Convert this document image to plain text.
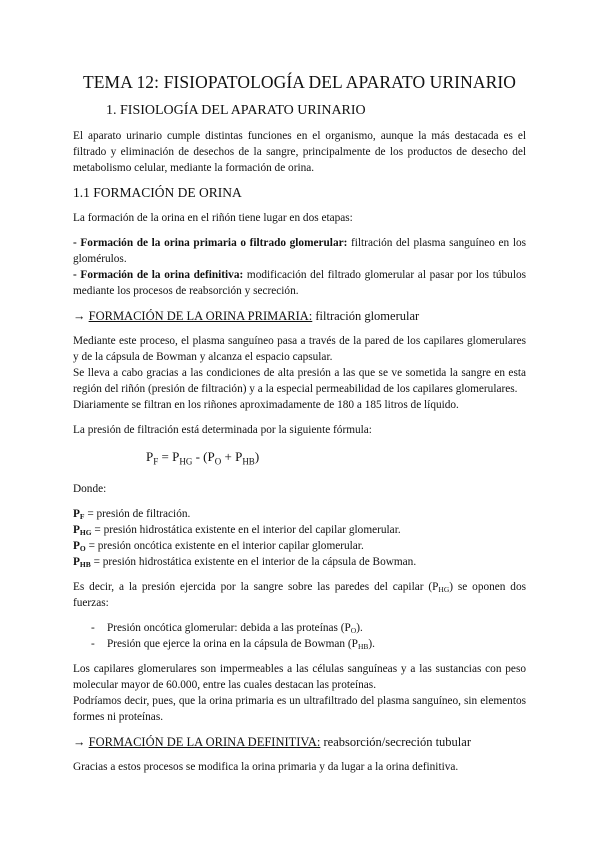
TEMA 12: FISIOPATOLOGÍA DEL APARATO URINARIO
1. FISIOLOGÍA DEL APARATO URINARIO

El aparato urinario cumple distintas funciones en el organismo, aunque la más destacada es el filtrado y eliminación de desechos de la sangre, principalmente de los productos de desecho del metabolismo celular, mediante la formación de orina.

1.1 FORMACIÓN DE ORINA

La formación de la orina en el riñón tiene lugar en dos etapas:

- Formación de la orina primaria o filtrado glomerular: filtración del plasma sanguíneo en los glomérulos.

- Formación de la orina definitiva: modificación del filtrado glomerular al pasar por los túbulos mediante los procesos de reabsorción y secreción.

→ FORMACIÓN DE LA ORINA PRIMARIA: filtración glomerular

Mediante este proceso, el plasma sanguíneo pasa a través de la pared de los capilares glomerulares y de la cápsula de Bowman y alcanza el espacio capsular.

Se lleva a cabo gracias a las condiciones de alta presión a las que se ve sometida la sangre en esta región del riñón (presión de filtración) y a la especial permeabilidad de los capilares glomerulares.

Diariamente se filtran en los riñones aproximadamente de 180 a 185 litros de líquido.

La presión de filtración está determinada por la siguiente fórmula:

$P_F = P_{HG} - (P_O + P_{HB})$

Donde:

$P_F$ = presión de filtración.

$P_{HG}$ = presión hidrostática existente en el interior del capilar glomerular.

$P_O$ = presión oncótica existente en el interior capilar glomerular.

$P_{HB}$ = presión hidrostática existente en el interior de la cápsula de Bowman.

Es decir, a la presión ejercida por la sangre sobre las paredes del capilar $(P_{HG})$ se oponen dos fuerzas:

- Presión oncótica glomerular: debida a las proteínas $(P_O)$.
- Presión que ejerce la orina en la cápsula de Bowman $(P_{HB})$.

Los capilares glomerulares son impermeables a las células sanguíneas y a las sustancias con peso molecular mayor de 60.000, entre las cuales destacan las proteínas.

Podríamos decir, pues, que la orina primaria es un ultrafiltrado del plasma sanguíneo, sin elementos formes ni proteínas.

→ FORMACIÓN DE LA ORINA DEFINITIVA: reabsorción/secreción tubular

Gracias a estos procesos se modifica la orina primaria y da lugar a la orina definitiva.
